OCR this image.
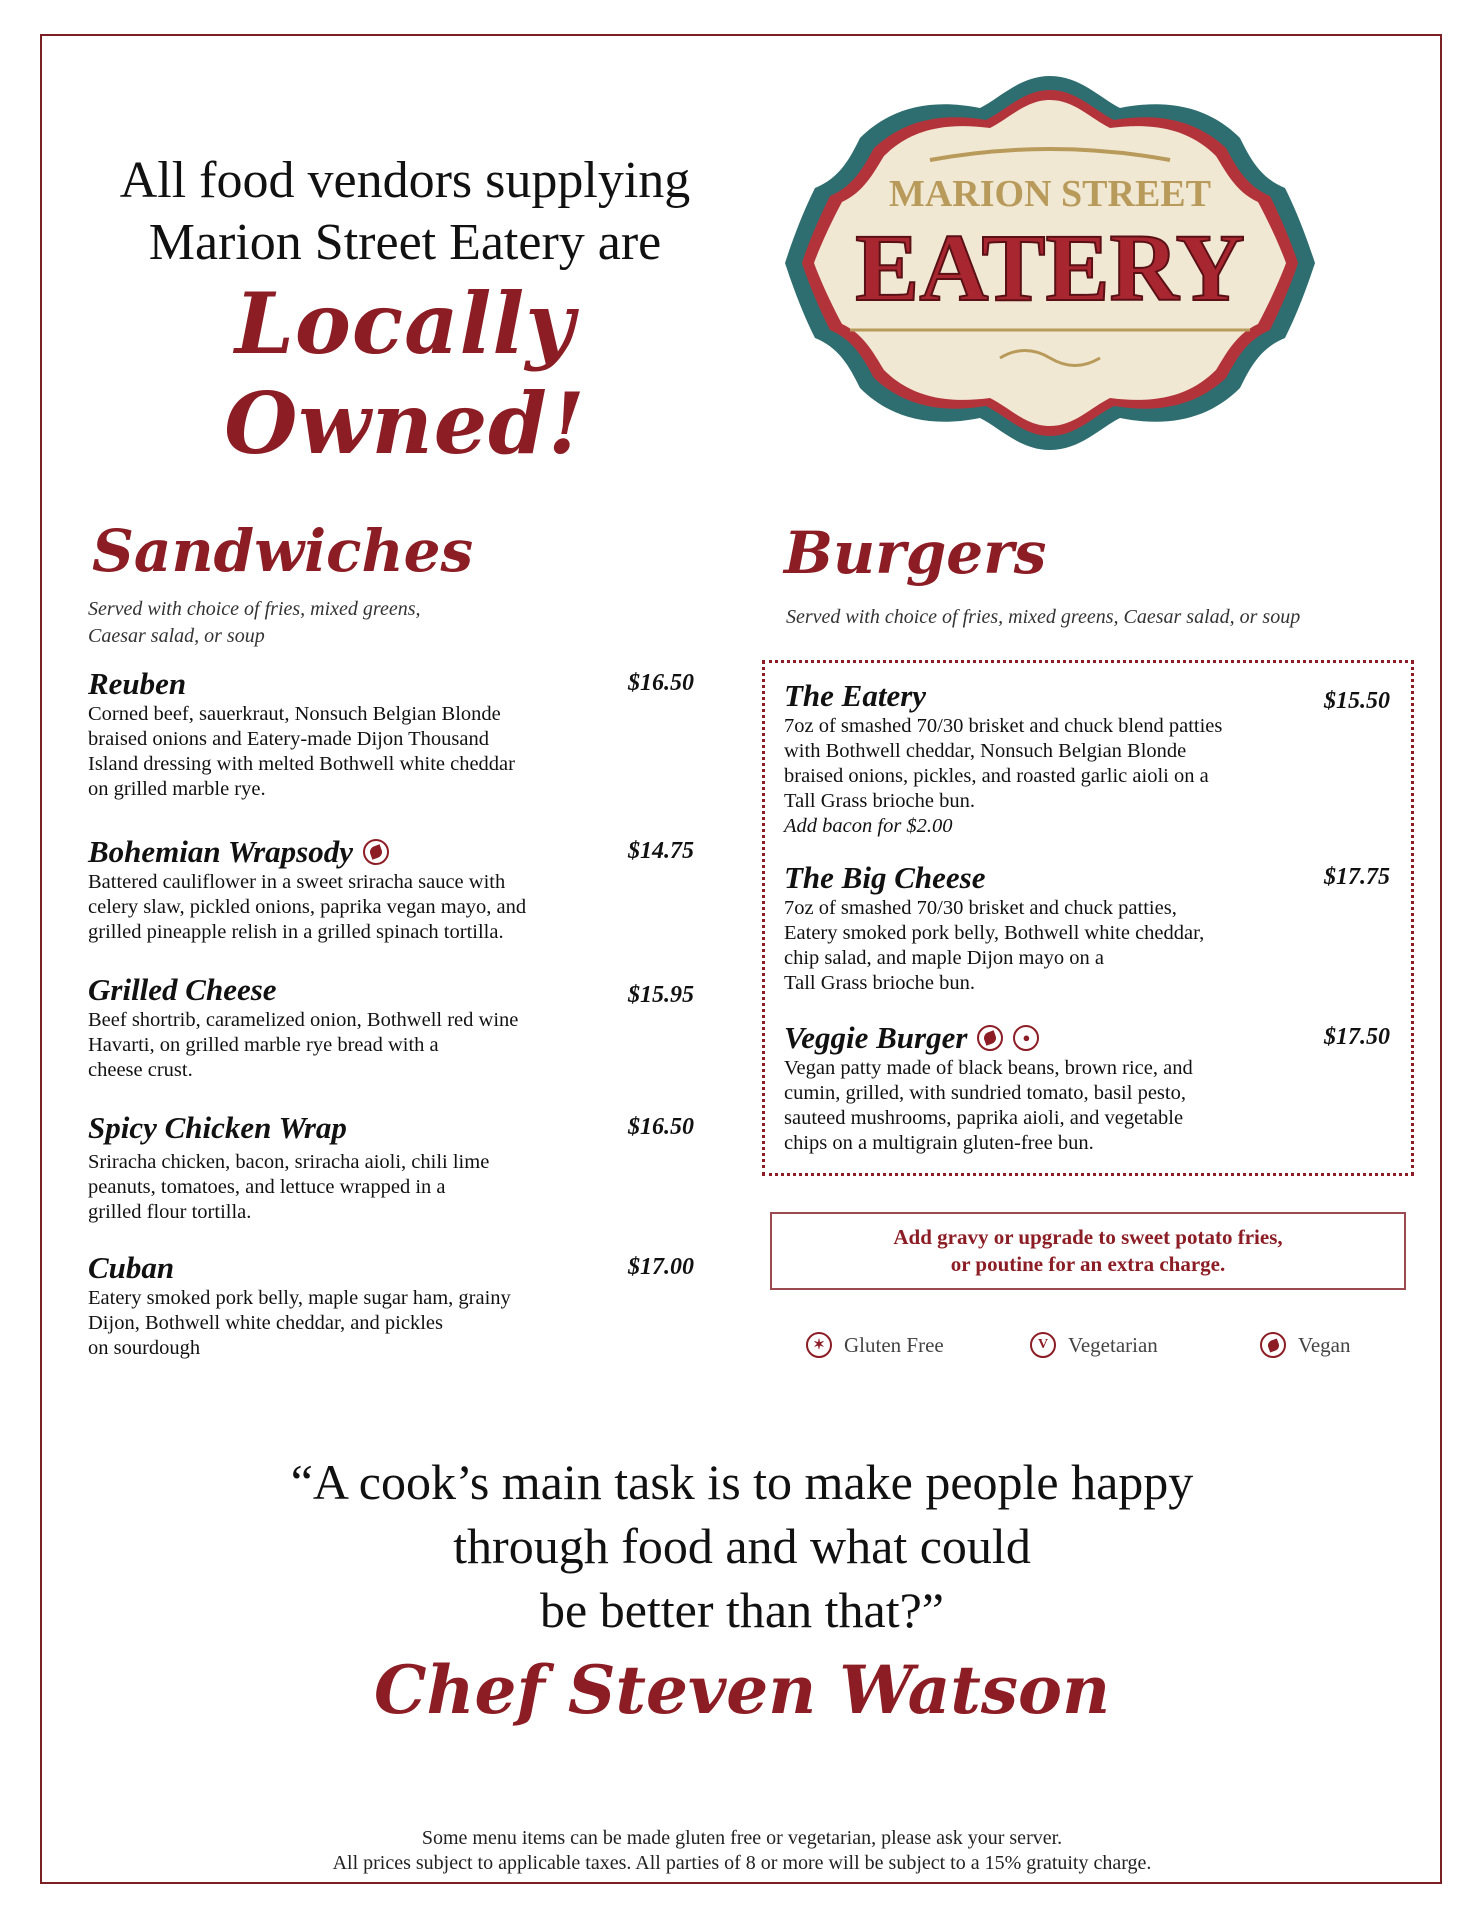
All food vendors supplying
Marion Street Eatery are
Locally Owned!
MARION STREET
EATERY
Sandwiches
Served with choice of fries, mixed greens,
Caesar salad, or soup
Reuben	$16.50
Corned beef, sauerkraut, Nonsuch Belgian Blonde
braised onions and Eatery-made Dijon Thousand
Island dressing with melted Bothwell white cheddar
on grilled marble rye.
Bohemian Wrapsody	$14.75
Battered cauliflower in a sweet sriracha sauce with
celery slaw, pickled onions, paprika vegan mayo, and
grilled pineapple relish in a grilled spinach tortilla.
Grilled Cheese	$15.95
Beef shortrib, caramelized onion, Bothwell red wine
Havarti, on grilled marble rye bread with a
cheese crust.
Spicy Chicken Wrap	$16.50
Sriracha chicken, bacon, sriracha aioli, chili lime
peanuts, tomatoes, and lettuce wrapped in a
grilled flour tortilla.
Cuban	$17.00
Eatery smoked pork belly, maple sugar ham, grainy
Dijon, Bothwell white cheddar, and pickles
on sourdough
Burgers
Served with choice of fries, mixed greens, Caesar salad, or soup
The Eatery	$15.50
7oz of smashed 70/30 brisket and chuck blend patties
with Bothwell cheddar, Nonsuch Belgian Blonde
braised onions, pickles, and roasted garlic aioli on a
Tall Grass brioche bun.
Add bacon for $2.00
The Big Cheese	$17.75
7oz of smashed 70/30 brisket and chuck patties,
Eatery smoked pork belly, Bothwell white cheddar,
chip salad, and maple Dijon mayo on a
Tall Grass brioche bun.
Veggie Burger	●	$17.50
Vegan patty made of black beans, brown rice, and
cumin, grilled, with sundried tomato, basil pesto,
sauteed mushrooms, paprika aioli, and vegetable
chips on a multigrain gluten-free bun.
Add gravy or upgrade to sweet potato fries,
or poutine for an extra charge.
✶ Gluten Free	V Vegetarian	Vegan
“A cook’s main task is to make people happy
through food and what could
be better than that?”
Chef Steven Watson
Some menu items can be made gluten free or vegetarian, please ask your server.
All prices subject to applicable taxes. All parties of 8 or more will be subject to a 15% gratuity charge.
